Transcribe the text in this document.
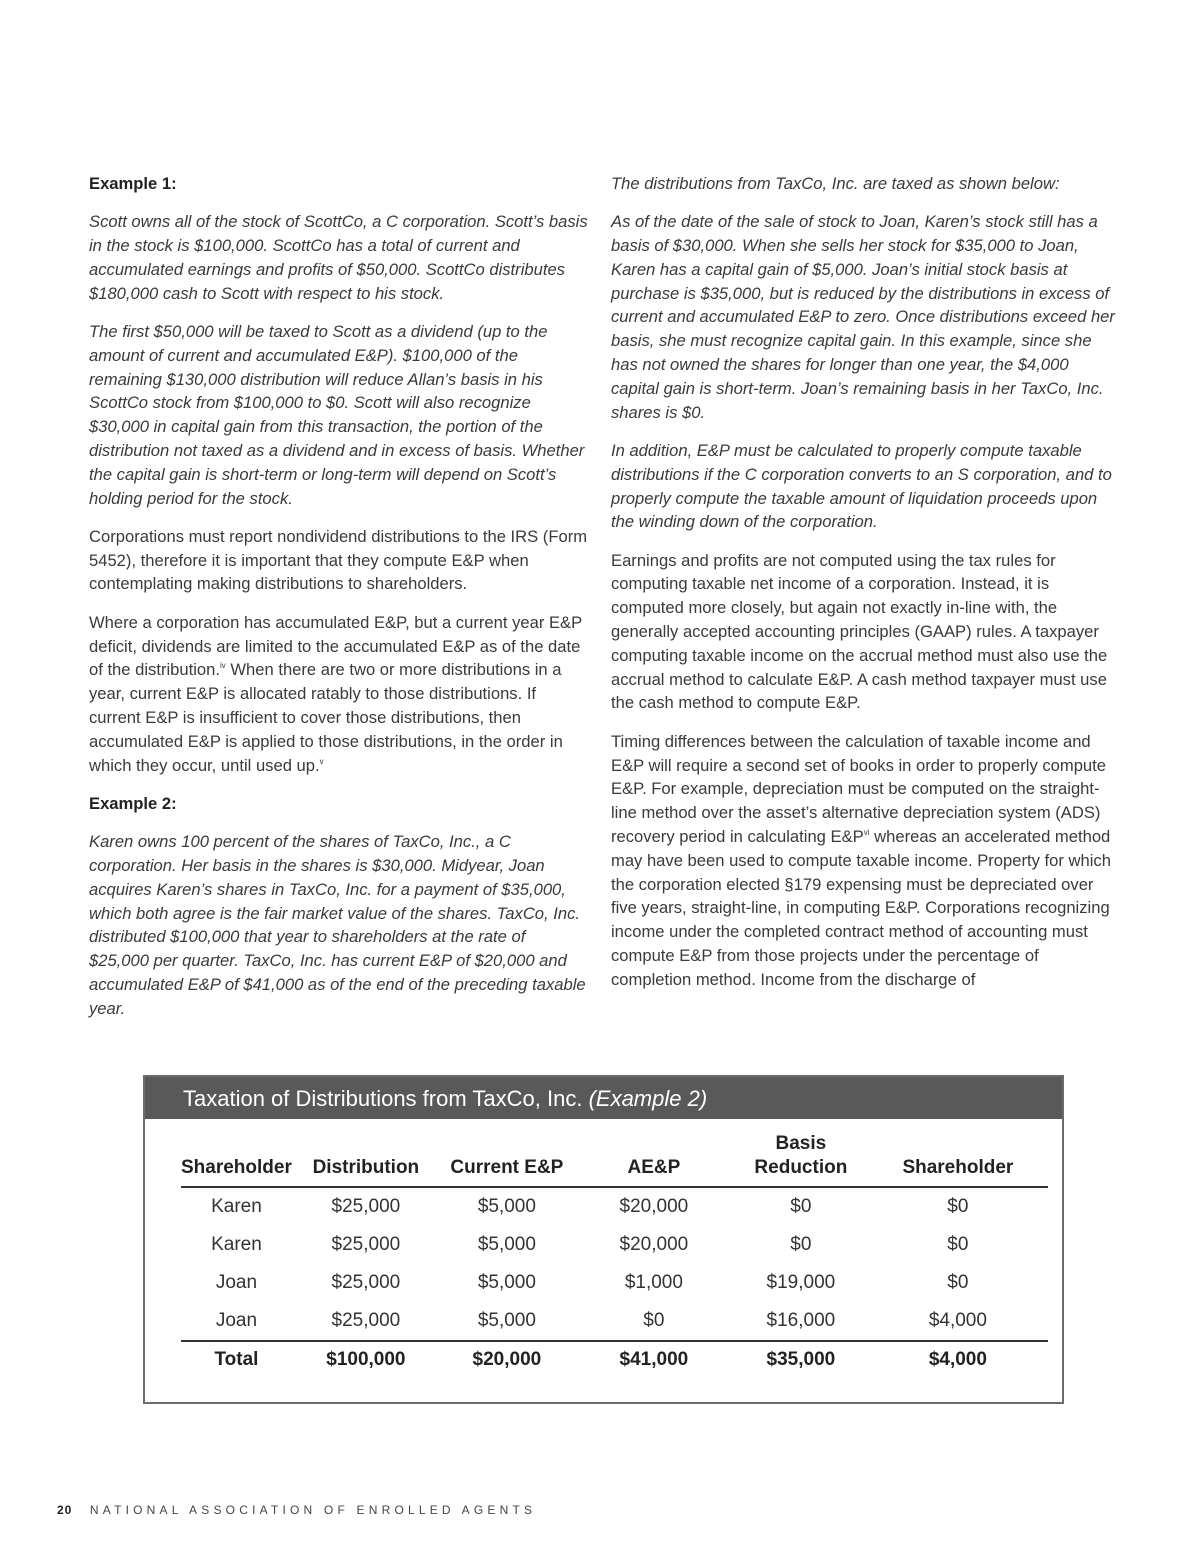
Example 1:

Scott owns all of the stock of ScottCo, a C corporation. Scott’s basis in the stock is $100,000. ScottCo has a total of current and accumulated earnings and profits of $50,000. ScottCo distributes $180,000 cash to Scott with respect to his stock.

The first $50,000 will be taxed to Scott as a dividend (up to the amount of current and accumulated E&P). $100,000 of the remaining $130,000 distribution will reduce Allan’s basis in his ScottCo stock from $100,000 to $0. Scott will also recognize $30,000 in capital gain from this transaction, the portion of the distribution not taxed as a dividend and in excess of basis. Whether the capital gain is short-term or long-term will depend on Scott’s holding period for the stock.

Corporations must report nondividend distributions to the IRS (Form 5452), therefore it is important that they compute E&P when contemplating making distributions to shareholders.

Where a corporation has accumulated E&P, but a current year E&P deficit, dividends are limited to the accumulated E&P as of the date of the distribution.$^{iv}$ When there are two or more distributions in a year, current E&P is allocated ratably to those distributions. If current E&P is insufficient to cover those distributions, then accumulated E&P is applied to those distributions, in the order in which they occur, until used up.$^v$

Example 2:

Karen owns 100 percent of the shares of TaxCo, Inc., a C corporation. Her basis in the shares is $30,000. Midyear, Joan acquires Karen’s shares in TaxCo, Inc. for a payment of $35,000, which both agree is the fair market value of the shares. TaxCo, Inc. distributed $100,000 that year to shareholders at the rate of $25,000 per quarter. TaxCo, Inc. has current E&P of $20,000 and accumulated E&P of $41,000 as of the end of the preceding taxable year.

The distributions from TaxCo, Inc. are taxed as shown below:

As of the date of the sale of stock to Joan, Karen’s stock still has a basis of $30,000. When she sells her stock for $35,000 to Joan, Karen has a capital gain of $5,000. Joan’s initial stock basis at purchase is $35,000, but is reduced by the distributions in excess of current and accumulated E&P to zero. Once distributions exceed her basis, she must recognize capital gain. In this example, since she has not owned the shares for longer than one year, the $4,000 capital gain is short-term. Joan’s remaining basis in her TaxCo, Inc. shares is $0.

In addition, E&P must be calculated to properly compute taxable distributions if the C corporation converts to an S corporation, and to properly compute the taxable amount of liquidation proceeds upon the winding down of the corporation.

Earnings and profits are not computed using the tax rules for computing taxable net income of a corporation. Instead, it is computed more closely, but again not exactly in-line with, the generally accepted accounting principles (GAAP) rules. A taxpayer computing taxable income on the accrual method must also use the accrual method to calculate E&P. A cash method taxpayer must use the cash method to compute E&P.

Timing differences between the calculation of taxable income and E&P will require a second set of books in order to properly compute E&P. For example, depreciation must be computed on the straight-line method over the asset’s alternative depreciation system (ADS) recovery period in calculating $E\&P^{vi}$ whereas an accelerated method may have been used to compute taxable income. Property for which the corporation elected §179 expensing must be depreciated over five years, straight-line, in computing E&P. Corporations recognizing income under the completed contract method of accounting must compute E&P from those projects under the percentage of completion method. Income from the discharge of

Taxation of Distributions from TaxCo, Inc. (Example 2)
Shareholder	Distribution	Current E&P	AE&P	Basis Reduction	Shareholder
Karen	$25,000	$5,000	$20,000	$0	$0
Karen	$25,000	$5,000	$20,000	$0	$0
Joan	$25,000	$5,000	$1,000	$19,000	$0
Joan	$25,000	$5,000	$0	$16,000	$4,000
Total	$100,000	$20,000	$41,000	$35,000	$4,000
20 NATIONAL ASSOCIATION OF ENROLLED AGENTS
